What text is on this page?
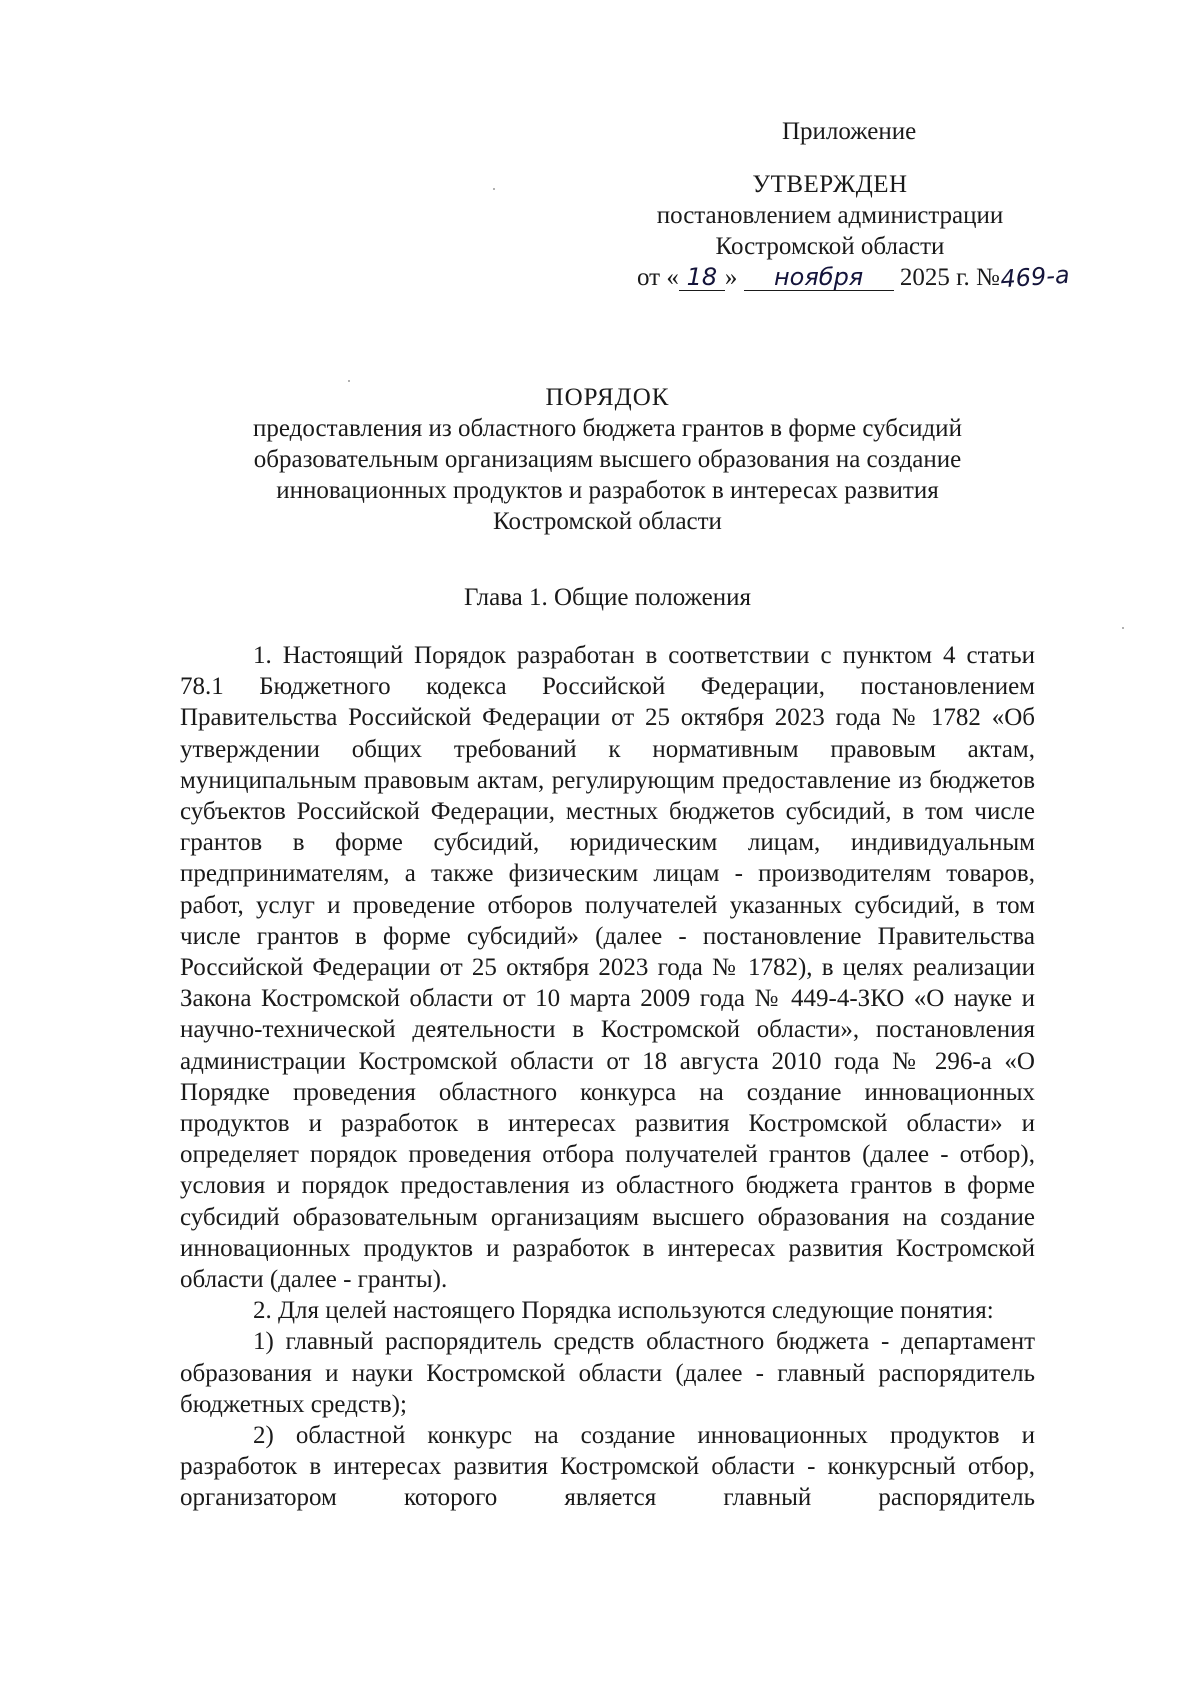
Приложение
УТВЕРЖДЕН
постановлением администрации
Костромской области
от « 18 » ноября 2025 г. №469-а
ПОРЯДОК
предоставления из областного бюджета грантов в форме субсидий
образовательным организациям высшего образования на создание
инновационных продуктов и разработок в интересах развития
Костромской области
Глава 1. Общие положения

1. Настоящий Порядок разработан в соответствии с пунктом 4 статьи 78.1 Бюджетного кодекса Российской Федерации, постановлением Правительства Российской Федерации от 25 октября 2023 года № 1782 «Об утверждении общих требований к нормативным правовым актам, муниципальным правовым актам, регулирующим предоставление из бюджетов субъектов Российской Федерации, местных бюджетов субсидий, в том числе грантов в форме субсидий, юридическим лицам, индивидуальным предпринимателям, а также физическим лицам - производителям товаров, работ, услуг и проведение отборов получателей указанных субсидий, в том числе грантов в форме субсидий» (далее - постановление Правительства Российской Федерации от 25 октября 2023 года № 1782), в целях реализации Закона Костромской области от 10 марта 2009 года № 449-4-ЗКО «О науке и научно-технической деятельности в Костромской области», постановления администрации Костромской области от 18 августа 2010 года № 296-а «О Порядке проведения областного конкурса на создание инновационных продуктов и разработок в интересах развития Костромской области» и определяет порядок проведения отбора получателей грантов (далее - отбор), условия и порядок предоставления из областного бюджета грантов в форме субсидий образовательным организациям высшего образования на создание инновационных продуктов и разработок в интересах развития Костромской области (далее - гранты).

2. Для целей настоящего Порядка используются следующие понятия:

1) главный распорядитель средств областного бюджета - департамент образования и науки Костромской области (далее - главный распорядитель бюджетных средств);

2) областной конкурс на создание инновационных продуктов и разработок в интересах развития Костромской области - конкурсный отбор, организатором которого является главный распорядитель
